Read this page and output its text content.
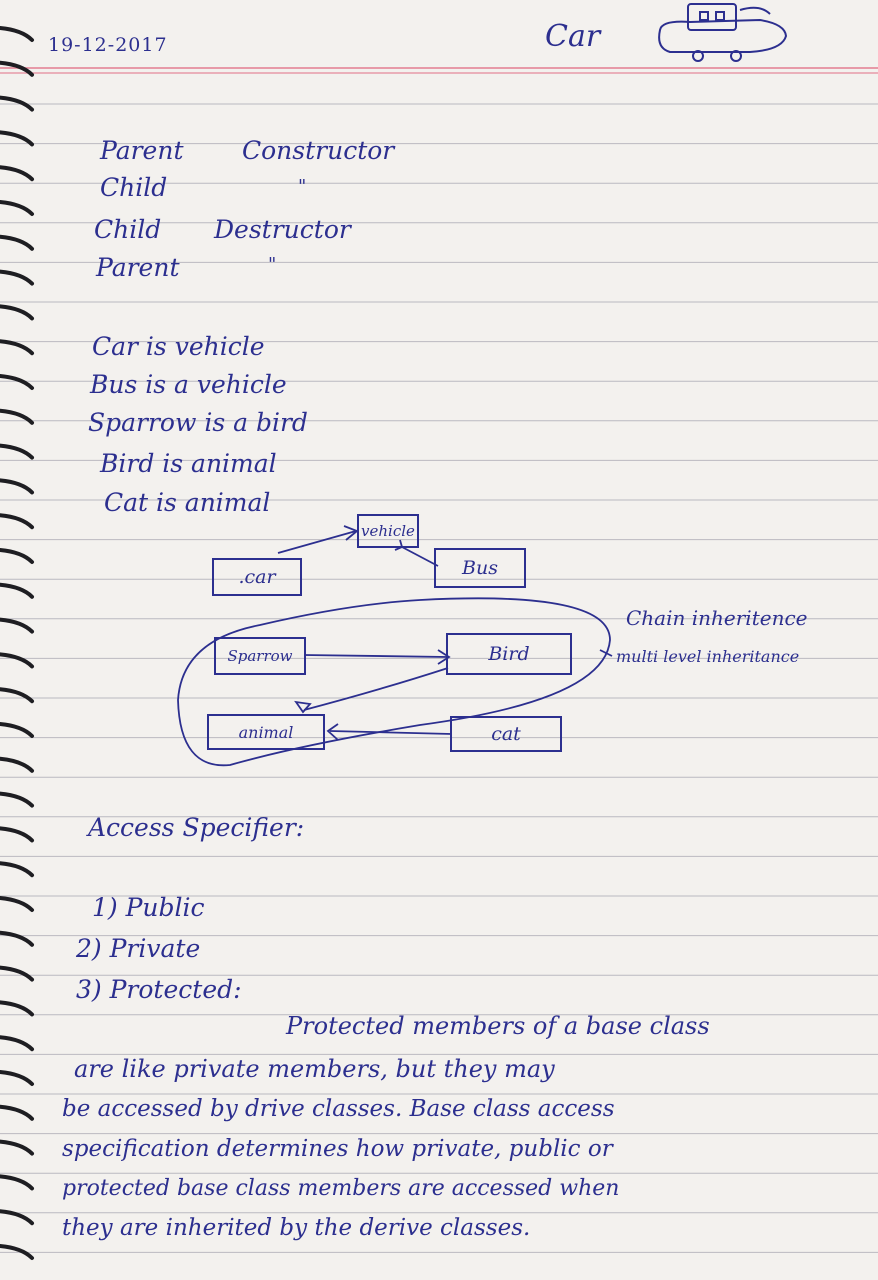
19-12-2017	Car
Parent Constructor
Child	"
Child Destructor
Parent	"
Car is vehicle
Bus is a vehicle
Sparrow is a bird
Bird is animal
Cat is animal
vehicle
.car	Bus
Sparrow	Bird
animal	cat
Chain inheritence
multi level inheritance
Access Specifier:
1) Public
2) Private
3) Protected:
Protected members of a base class
are like private members, but they may
be accessed by drive classes. Base class access
specification determines how private, public or
protected base class members are accessed when
they are inherited by the derive classes.
